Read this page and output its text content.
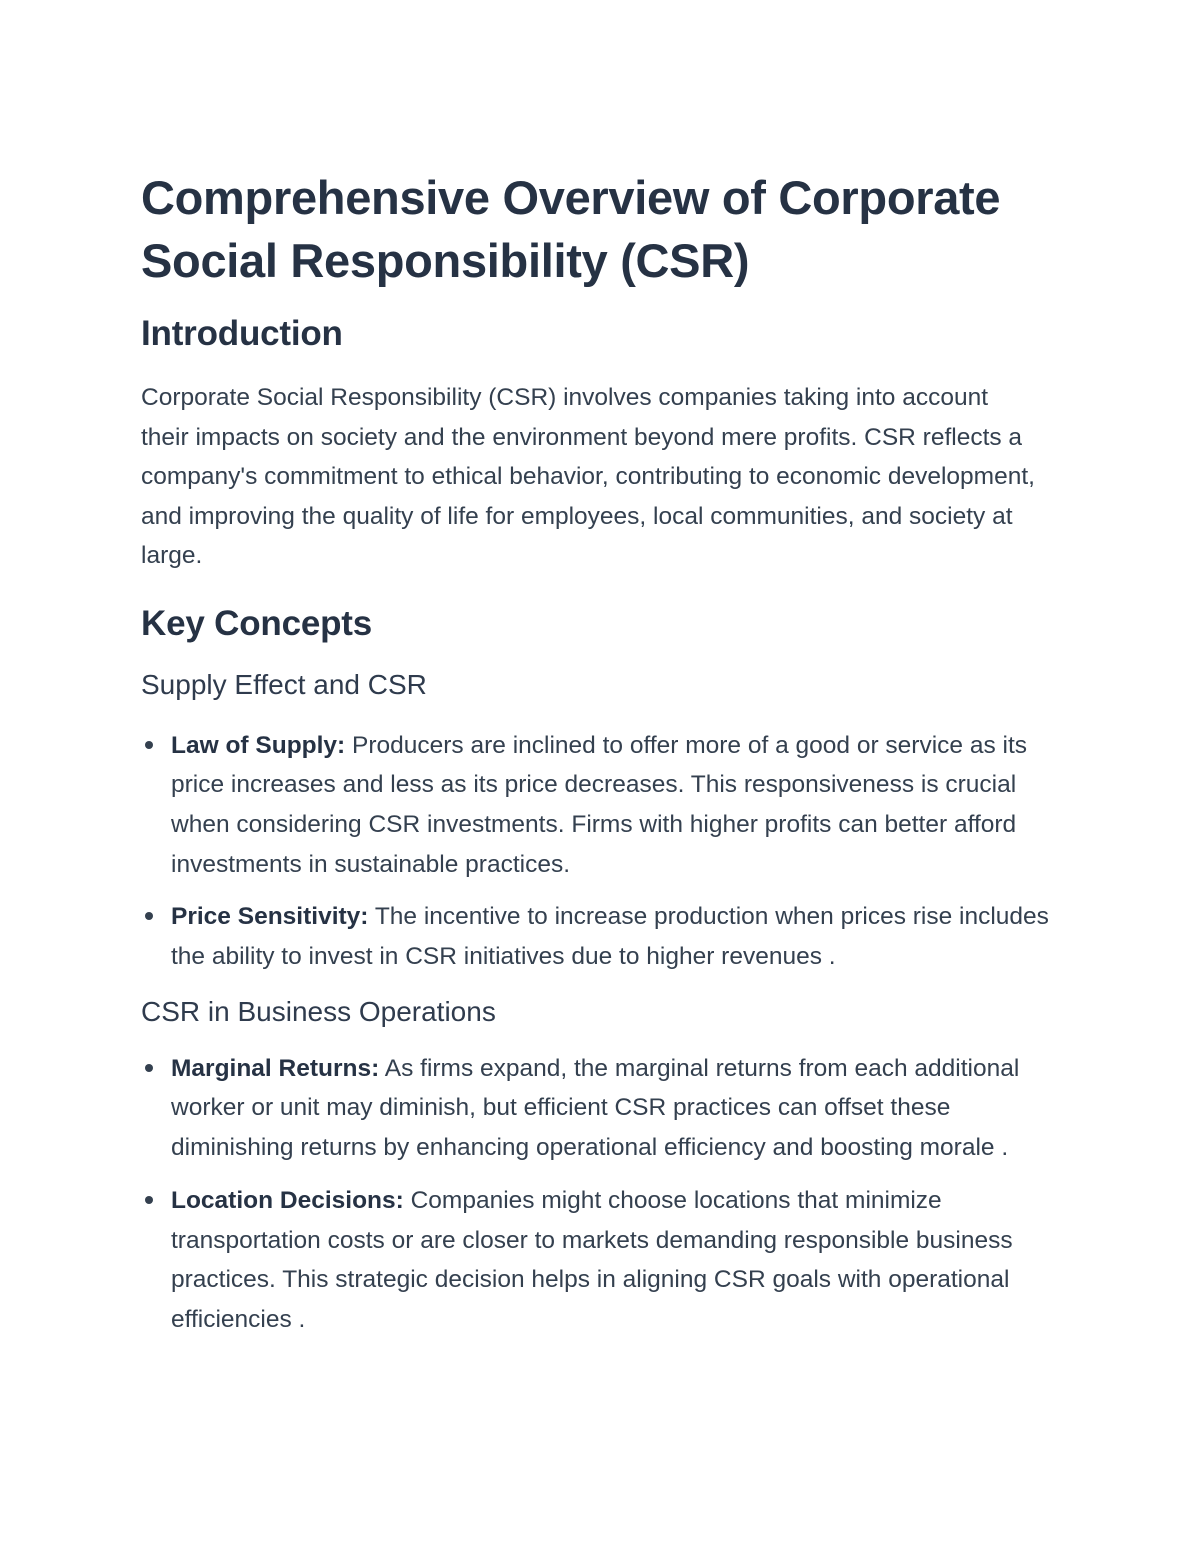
Comprehensive Overview of Corporate
Social Responsibility (CSR)
Introduction

Corporate Social Responsibility (CSR) involves companies taking into account their impacts on society and the environment beyond mere profits. CSR reflects a company's commitment to ethical behavior, contributing to economic development, and improving the quality of life for employees, local communities, and society at large.

Key Concepts
Supply Effect and CSR
Law of Supply: Producers are inclined to offer more of a good or service as its price increases and less as its price decreases. This responsiveness is crucial when considering CSR investments. Firms with higher profits can better afford investments in sustainable practices.
Price Sensitivity: The incentive to increase production when prices rise includes the ability to invest in CSR initiatives due to higher revenues .
CSR in Business Operations
Marginal Returns: As firms expand, the marginal returns from each additional worker or unit may diminish, but efficient CSR practices can offset these diminishing returns by enhancing operational efficiency and boosting morale .
Location Decisions: Companies might choose locations that minimize transportation costs or are closer to markets demanding responsible business practices. This strategic decision helps in aligning CSR goals with operational efficiencies .
